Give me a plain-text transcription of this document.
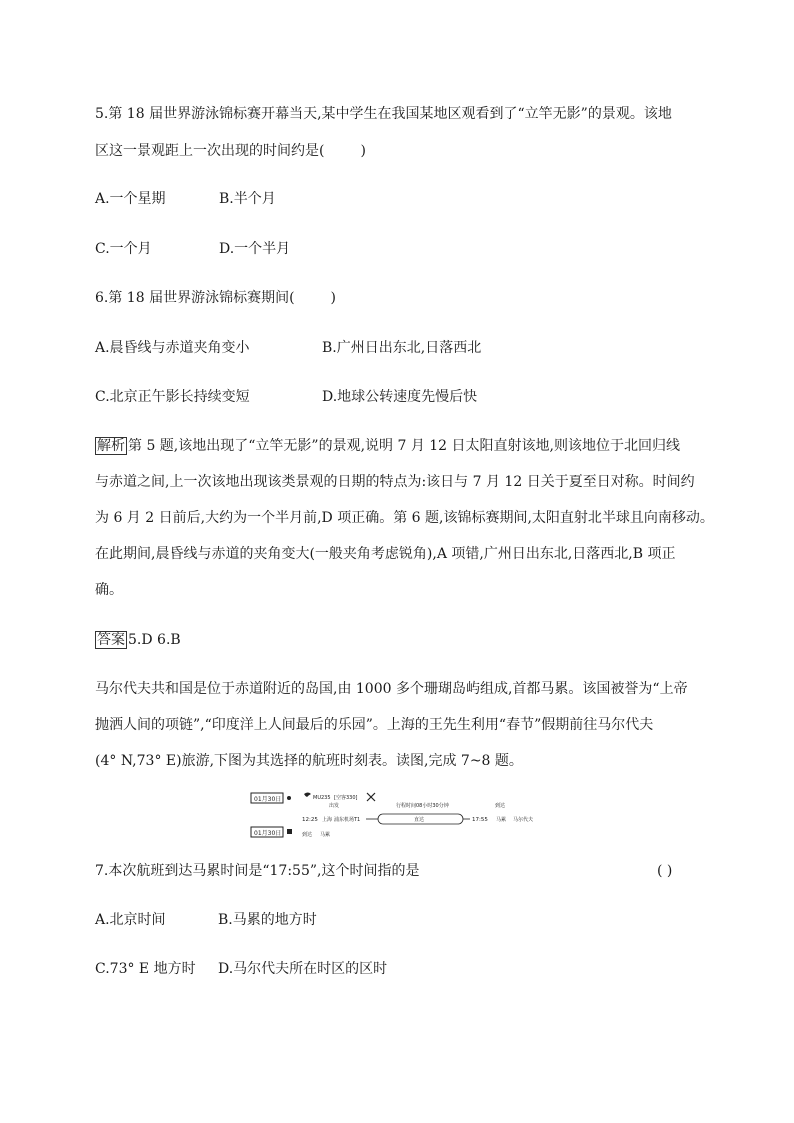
5.第 18 届世界游泳锦标赛开幕当天,某中学生在我国某地区观看到了“立竿无影”的景观。该地
区这一景观距上一次出现的时间约是(	)
A.一个星期	B.半个月
C.一个月	D.一个半月
6.第 18 届世界游泳锦标赛期间(	)
A.晨昏线与赤道夹角变小	B.广州日出东北,日落西北
C.北京正午影长持续变短	D.地球公转速度先慢后快
解析 第 5 题,该地出现了“立竿无影”的景观,说明 7 月 12 日太阳直射该地,则该地位于北回归线
与赤道之间,上一次该地出现该类景观的日期的特点为:该日与 7 月 12 日关于夏至日对称。时间约
为 6 月 2 日前后,大约为一个半月前,D 项正确。第 6 题,该锦标赛期间,太阳直射北半球且向南移动。
在此期间,晨昏线与赤道的夹角变大(一般夹角考虑锐角),A 项错,广州日出东北,日落西北,B 项正
确。
答案 5.D 6.B
马尔代夫共和国是位于赤道附近的岛国,由 1000 多个珊瑚岛屿组成,首都马累。该国被誉为“上帝
抛洒人间的项链”,“印度洋上人间最后的乐园”。上海的王先生利用“春节”假期前往马尔代夫
(4° N,73° E)旅游,下图为其选择的航班时刻表。读图,完成 7~8 题。
01月30日	MU235 [空客330]
出发	行程时间08小时30分钟	到达
12:25 上海 浦东机场T1	直达	17:55 马累 马尔代夫
01月30日	到达 马累
7.本次航班到达马累时间是“17:55”,这个时间指的是	( )
A.北京时间	B.马累的地方时
C.73° E 地方时 D.马尔代夫所在时区的区时
